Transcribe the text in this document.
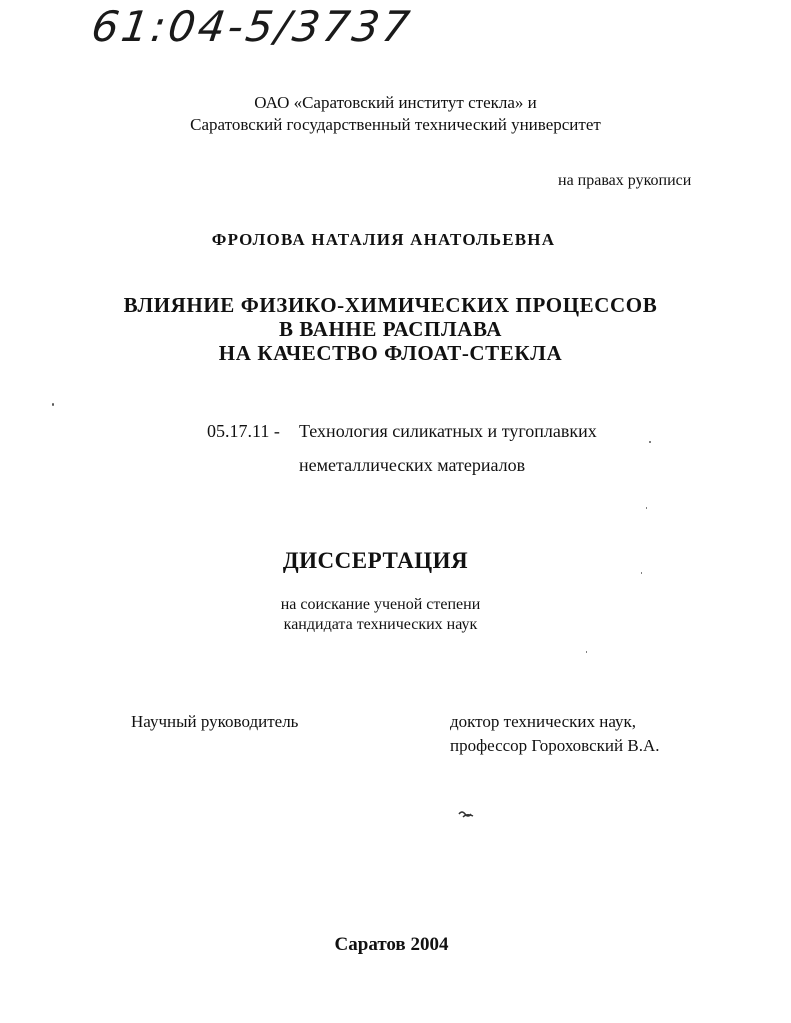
61:04-5/3737
ОАО «Саратовский институт стекла» и
Саратовский государственный технический университет
на правах рукописи
ФРОЛОВА НАТАЛИЯ АНАТОЛЬЕВНА
ВЛИЯНИЕ ФИЗИКО-ХИМИЧЕСКИХ ПРОЦЕССОВ
В ВАННЕ РАСПЛАВА
НА КАЧЕСТВО ФЛОАТ-СТЕКЛА
05.17.11 - Технология силикатных и тугоплавких
неметаллических материалов
ДИССЕРТАЦИЯ
на соискание ученой степени
кандидата технических наук
Научный руководитель	доктор технических наук,
профессор Гороховский В.А.
Саратов 2004
